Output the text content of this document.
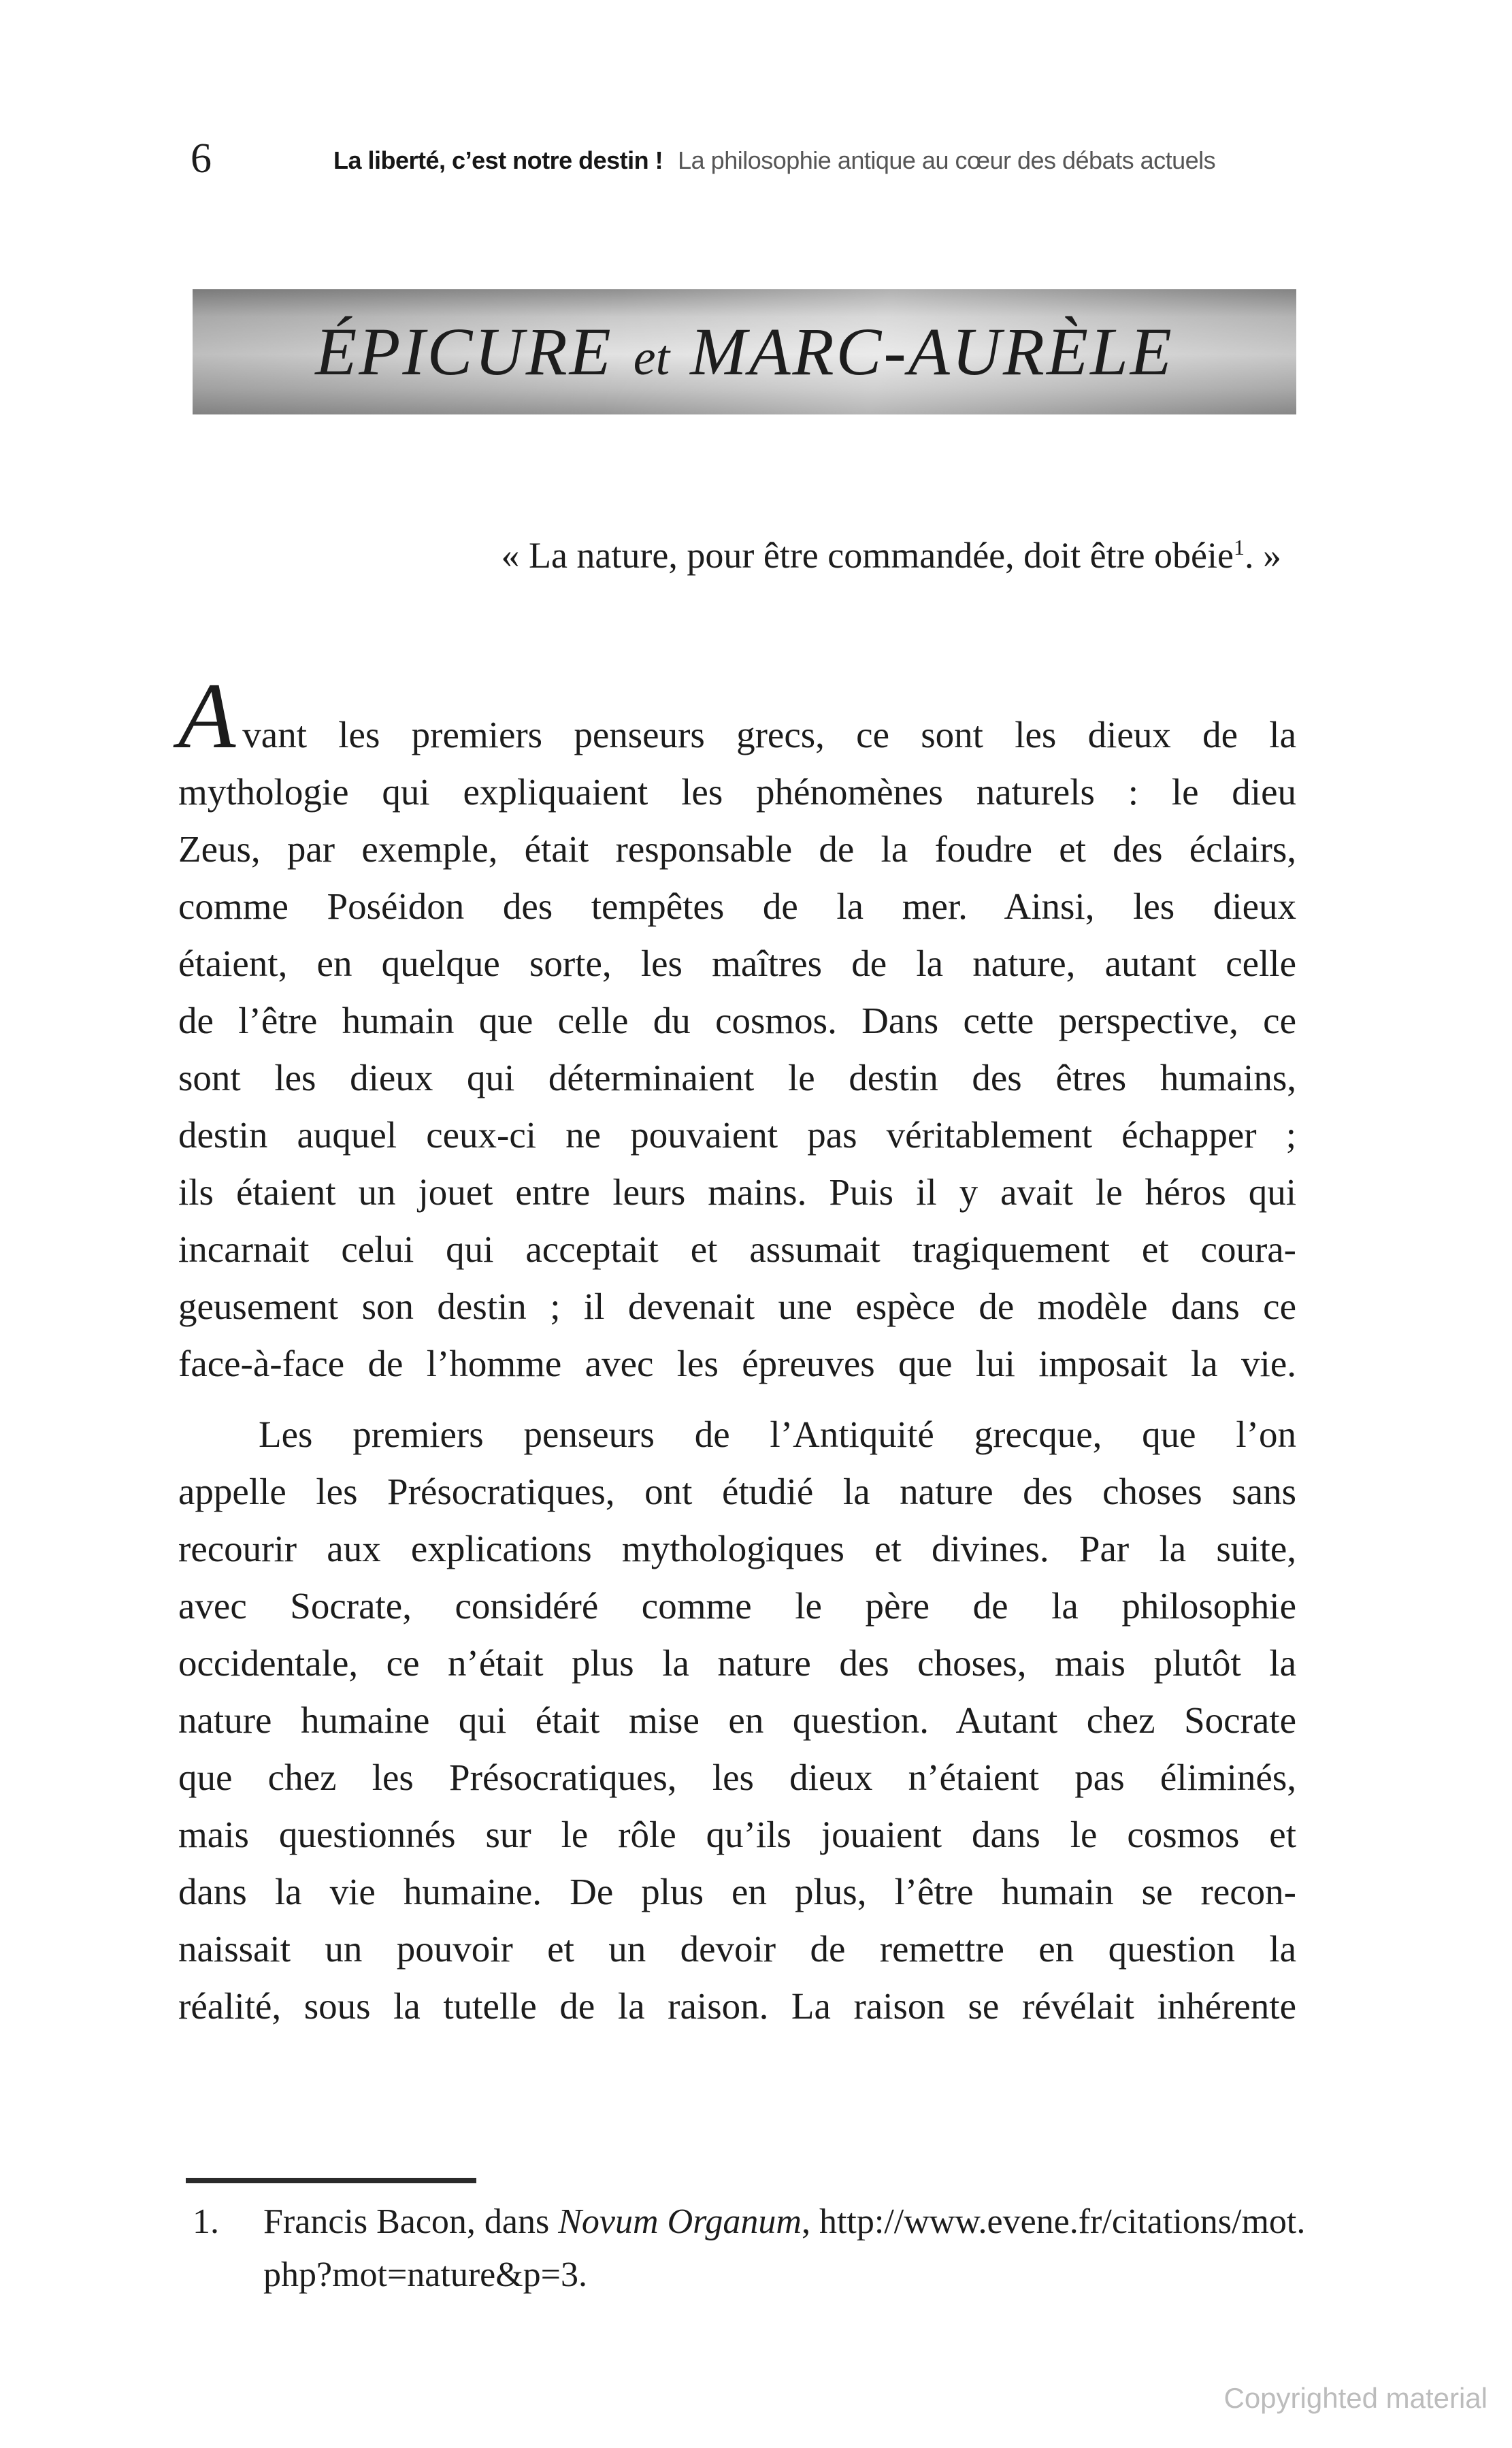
6	La liberté, c’est notre destin ! La philosophie antique au cœur des débats actuels
ÉPICURE et MARC-AURÈLE
« La nature, pour être commandée, doit être obéie$^1$. »
Avant les premiers penseurs grecs, ce sont les dieux de la
mythologie qui expliquaient les phénomènes naturels : le dieu
Zeus, par exemple, était responsable de la foudre et des éclairs,
comme Poséidon des tempêtes de la mer. Ainsi, les dieux
étaient, en quelque sorte, les maîtres de la nature, autant celle
de l’être humain que celle du cosmos. Dans cette perspective, ce
sont les dieux qui déterminaient le destin des êtres humains,
destin auquel ceux-ci ne pouvaient pas véritablement échapper ;
ils étaient un jouet entre leurs mains. Puis il y avait le héros qui
incarnait celui qui acceptait et assumait tragiquement et coura-
geusement son destin ; il devenait une espèce de modèle dans ce
face-à-face de l’homme avec les épreuves que lui imposait la vie.
Les premiers penseurs de l’Antiquité grecque, que l’on
appelle les Présocratiques, ont étudié la nature des choses sans
recourir aux explications mythologiques et divines. Par la suite,
avec Socrate, considéré comme le père de la philosophie
occidentale, ce n’était plus la nature des choses, mais plutôt la
nature humaine qui était mise en question. Autant chez Socrate
que chez les Présocratiques, les dieux n’étaient pas éliminés,
mais questionnés sur le rôle qu’ils jouaient dans le cosmos et
dans la vie humaine. De plus en plus, l’être humain se recon-
naissait un pouvoir et un devoir de remettre en question la
réalité, sous la tutelle de la raison. La raison se révélait inhérente
1.	Francis Bacon, dans Novum Organum, http://www.evene.fr/citations/mot.
php?mot=nature&p=3.
Copyrighted material
